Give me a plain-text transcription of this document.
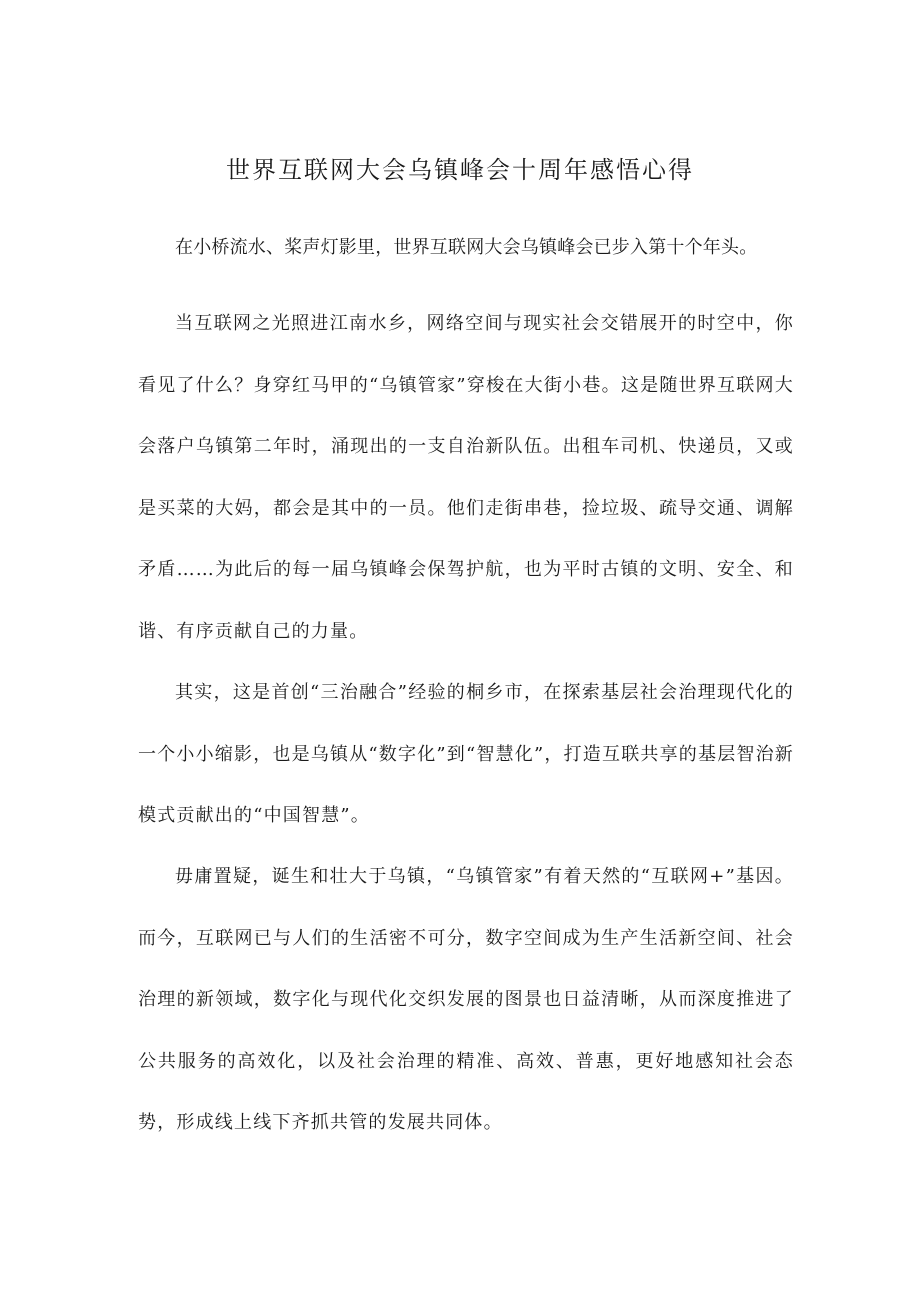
世界互联网大会乌镇峰会十周年感悟心得

在小桥流水、桨声灯影里，世界互联网大会乌镇峰会已步入第十个年头。

当互联网之光照进江南水乡，网络空间与现实社会交错展开的时空中，你看见了什么？身穿红马甲的“乌镇管家”穿梭在大街小巷。这是随世界互联网大会落户乌镇第二年时，涌现出的一支自治新队伍。出租车司机、快递员，又或是买菜的大妈，都会是其中的一员。他们走街串巷，捡垃圾、疏导交通、调解矛盾……为此后的每一届乌镇峰会保驾护航，也为平时古镇的文明、安全、和谐、有序贡献自己的力量。

其实，这是首创“三治融合”经验的桐乡市，在探索基层社会治理现代化的一个小小缩影，也是乌镇从“数字化”到“智慧化”，打造互联共享的基层智治新模式贡献出的“中国智慧”。

毋庸置疑，诞生和壮大于乌镇，“乌镇管家”有着天然的“互联网+”基因。而今，互联网已与人们的生活密不可分，数字空间成为生产生活新空间、社会治理的新领域，数字化与现代化交织发展的图景也日益清晰，从而深度推进了公共服务的高效化，以及社会治理的精准、高效、普惠，更好地感知社会态势，形成线上线下齐抓共管的发展共同体。
